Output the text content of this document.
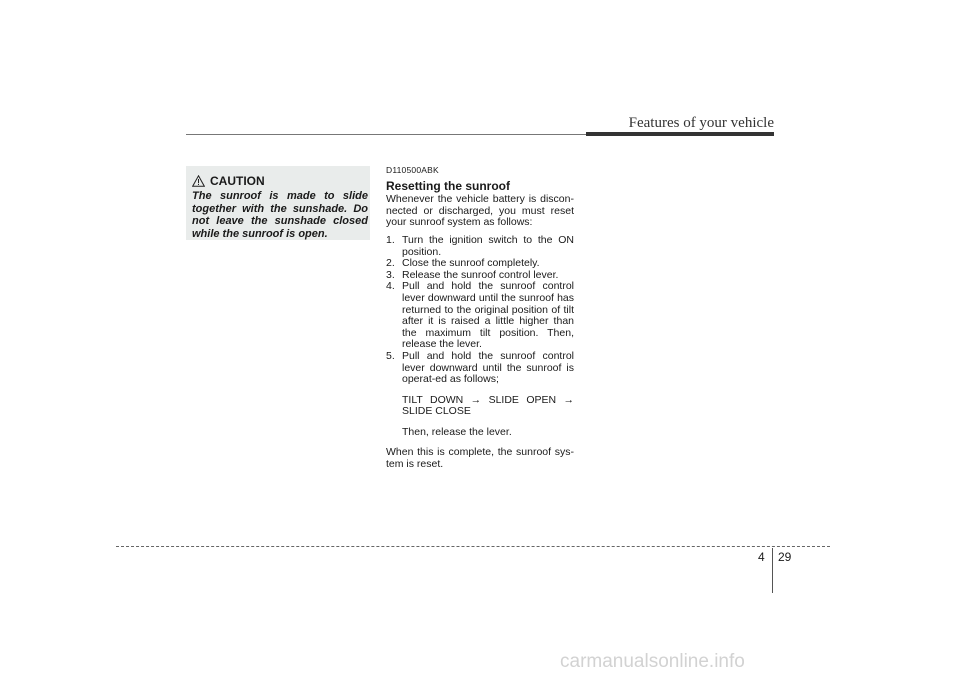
Features of your vehicle
CAUTION
The sunroof is made to slide together with the sunshade. Do not leave the sunshade closed while the sunroof is open.
D110500ABK
Resetting the sunroof
Whenever the vehicle battery is discon-nected or discharged, you must reset your sunroof system as follows:
1. Turn the ignition switch to the ON position.
2. Close the sunroof completely.
3. Release the sunroof control lever.
4. Pull and hold the sunroof control lever downward until the sunroof has returned to the original position of tilt after it is raised a little higher than the maximum tilt position. Then, release the lever.
5. Pull and hold the sunroof control lever downward until the sunroof is operat-ed as follows;
TILT DOWN → SLIDE OPEN → SLIDE CLOSE
Then, release the lever.
When this is complete, the sunroof sys-tem is reset.
4 29
carmanualsonline.info
